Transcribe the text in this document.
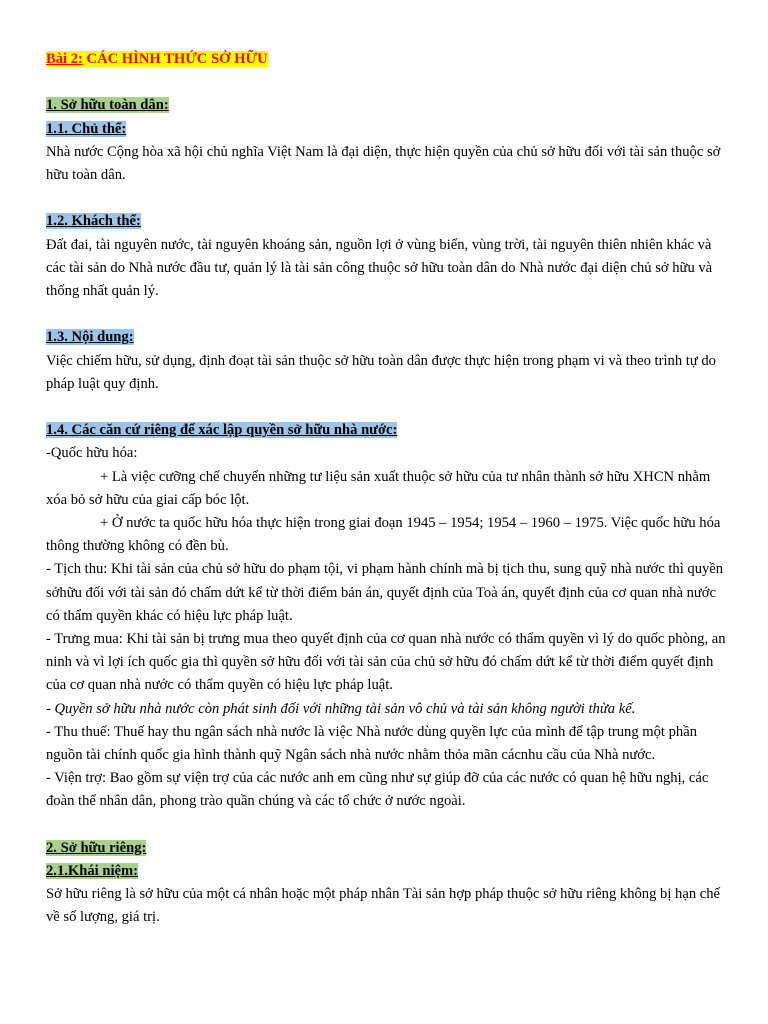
Bài 2: CÁC HÌNH THỨC SỞ HỮU

1. Sở hữu toàn dân:

1.1. Chủ thể:

Nhà nước Cộng hòa xã hội chủ nghĩa Việt Nam là đại diện, thực hiện quyền của chủ sở hữu đối với tài sản thuộc sở hữu toàn dân.

1.2. Khách thể:

Đất đai, tài nguyên nước, tài nguyên khoáng sản, nguồn lợi ở vùng biển, vùng trời, tài nguyên thiên nhiên khác và các tài sản do Nhà nước đầu tư, quản lý là tài sản công thuộc sở hữu toàn dân do Nhà nước đại diện chủ sở hữu và thống nhất quản lý.

1.3. Nội dung:

Việc chiếm hữu, sử dụng, định đoạt tài sản thuộc sở hữu toàn dân được thực hiện trong phạm vi và theo trình tự do pháp luật quy định.

1.4. Các căn cứ riêng để xác lập quyền sở hữu nhà nước:

-Quốc hữu hóa:

+ Là việc cưỡng chế chuyển những tư liệu sản xuất thuộc sở hữu của tư nhân thành sở hữu XHCN nhằm xóa bỏ sở hữu của giai cấp bóc lột.

+ Ở nước ta quốc hữu hóa thực hiện trong giai đoạn 1945 – 1954; 1954 – 1960 – 1975. Việc quốc hữu hóa thông thường không có đền bù.

- Tịch thu: Khi tài sản của chủ sở hữu do phạm tội, vi phạm hành chính mà bị tịch thu, sung quỹ nhà nước thì quyền sởhữu đối với tài sản đó chấm dứt kể từ thời điểm bản án, quyết định của Toà án, quyết định của cơ quan nhà nước có thẩm quyền khác có hiệu lực pháp luật.

- Trưng mua: Khi tài sản bị trưng mua theo quyết định của cơ quan nhà nước có thẩm quyền vì lý do quốc phòng, an ninh và vì lợi ích quốc gia thì quyền sở hữu đối với tài sản của chủ sở hữu đó chấm dứt kể từ thời điểm quyết định của cơ quan nhà nước có thẩm quyền có hiệu lực pháp luật.

- Quyền sở hữu nhà nước còn phát sinh đối với những tài sản vô chủ và tài sản không người thừa kế.

- Thu thuế: Thuế hay thu ngân sách nhà nước là việc Nhà nước dùng quyền lực của mình để tập trung một phần nguồn tài chính quốc gia hình thành quỹ Ngân sách nhà nước nhằm thỏa mãn cácnhu cầu của Nhà nước.

- Viện trợ: Bao gồm sự viện trợ của các nước anh em cũng như sự giúp đỡ của các nước có quan hệ hữu nghị, các đoàn thể nhân dân, phong trào quần chúng và các tổ chức ở nước ngoài.

2. Sở hữu riêng:

2.1.Khái niệm:

Sở hữu riêng là sở hữu của một cá nhân hoặc một pháp nhân Tài sản hợp pháp thuộc sở hữu riêng không bị hạn chế về số lượng, giá trị.
